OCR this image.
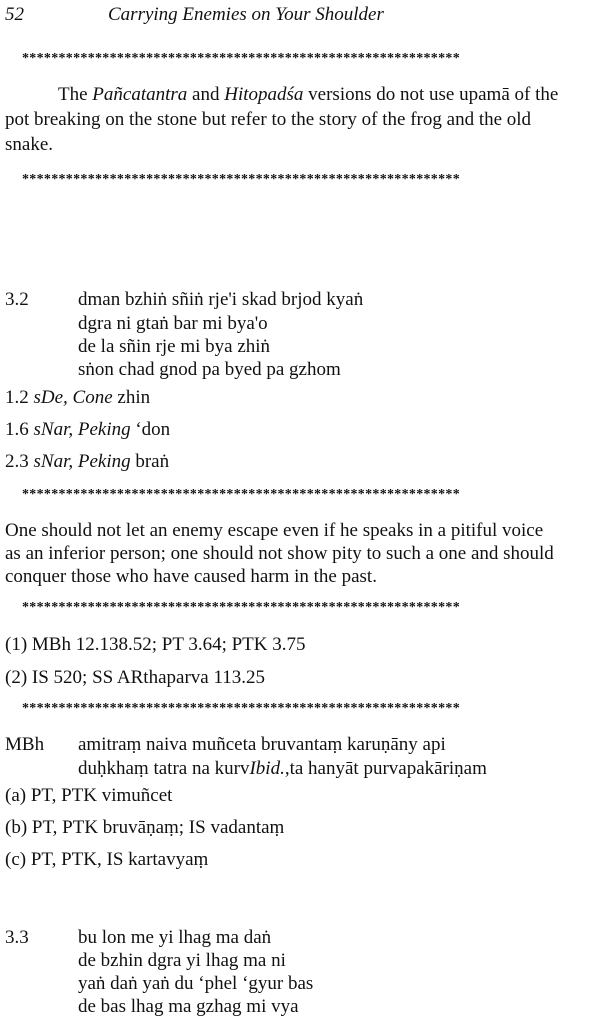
52	Carrying Enemies on Your Shoulder
************************************************************
The Pañcatantra and Hitopadśa versions do not use upamā of the
pot breaking on the stone but refer to the story of the frog and the old
snake.
************************************************************
3.2	dman bzhiṅ sñiṅ rje'i skad brjod kyaṅ
dgra ni gtaṅ bar mi bya'o
de la sñin rje mi bya zhiṅ
sṅon chad gnod pa byed pa gzhom
1.2 sDe, Cone zhin
1.6 sNar, Peking ‘don
2.3 sNar, Peking braṅ
************************************************************
One should not let an enemy escape even if he speaks in a pitiful voice
as an inferior person; one should not show pity to such a one and should
conquer those who have caused harm in the past.
************************************************************
(1) MBh 12.138.52; PT 3.64; PTK 3.75
(2) IS 520; SS ARthaparva 113.25
************************************************************
MBh amitraṃ naiva muñceta bruvantaṃ karuṇāny api
duḥkhaṃ tatra na kurvIbid.,ta hanyāt purvapakāriṇam
(a) PT, PTK vimuñcet
(b) PT, PTK bruvāṇaṃ; IS vadantaṃ
(c) PT, PTK, IS kartavyaṃ
3.3	bu lon me yi lhag ma daṅ
de bzhin dgra yi lhag ma ni
yaṅ daṅ yaṅ du ‘phel ‘gyur bas
de bas lhag ma gzhag mi vya
